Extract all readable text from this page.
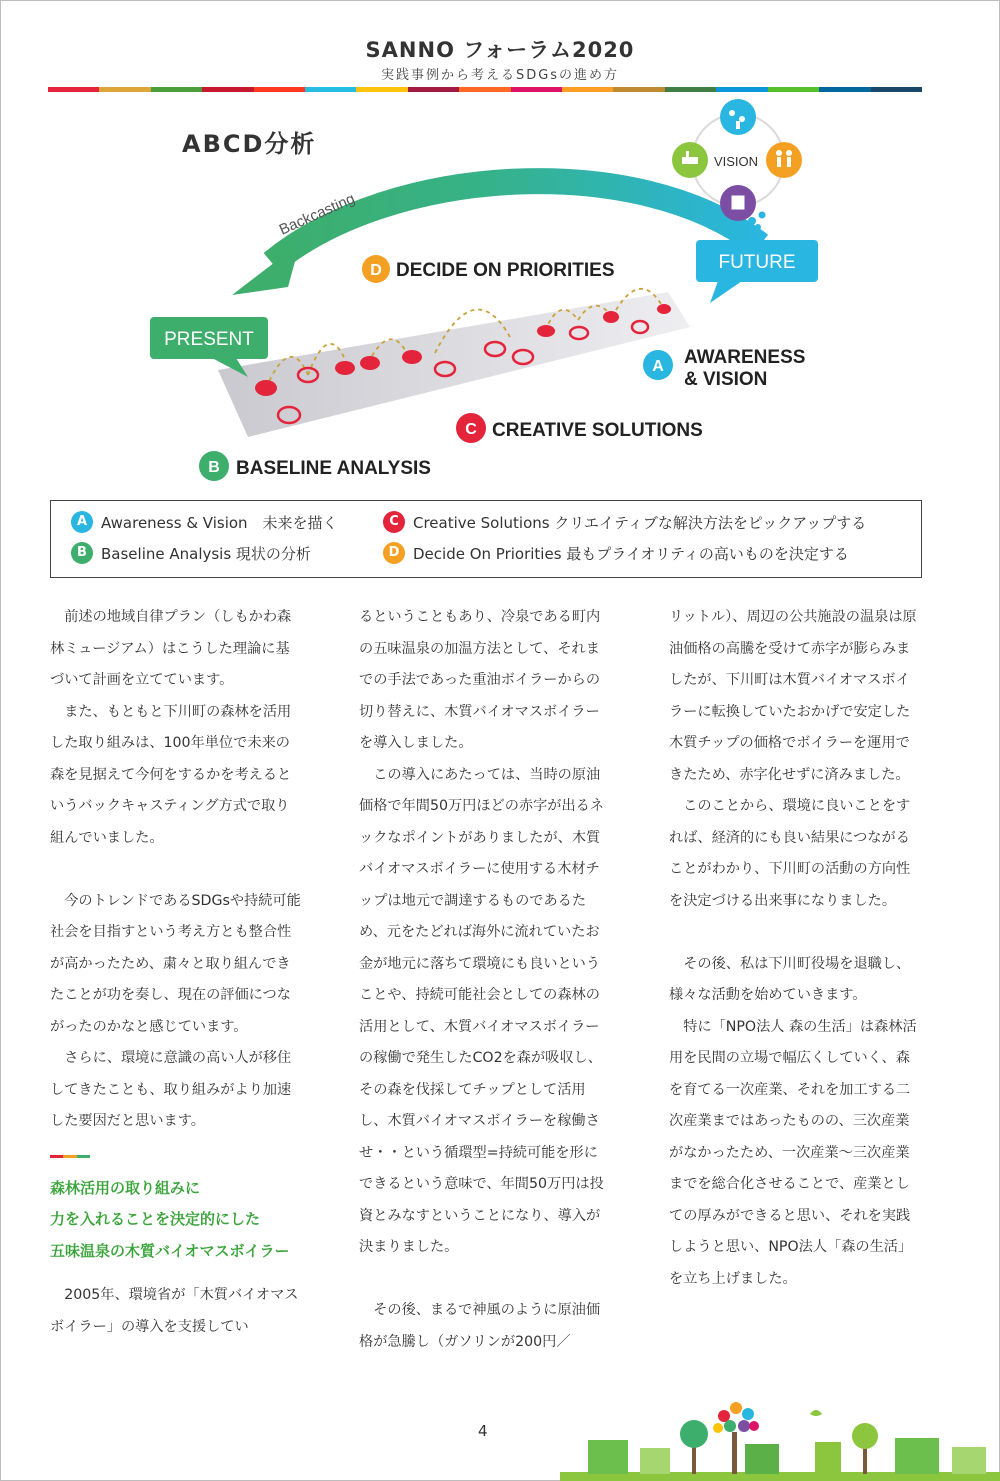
SANNO フォーラム2020
実践事例から考えるSDGsの進め方
ABCD分析
Backcasting
FUTURE
PRESENT
VISION
D DECIDE ON PRIORITIES
A AWARENESS
& VISION
C CREATIVE SOLUTIONS
B BASELINE ANALYSIS
A Awareness & Vision　未来を描く
B Baseline Analysis 現状の分析
C Creative Solutions クリエイティブな解決方法をピックアップする
D Decide On Priorities 最もプライオリティの高いものを決定する

前述の地域自律プラン（しもかわ森林ミュージアム）はこうした理論に基づいて計画を立てています。

また、もともと下川町の森林を活用した取り組みは、100年単位で未来の森を見据えて今何をするかを考えるというバックキャスティング方式で取り組んでいました。

今のトレンドであるSDGsや持続可能社会を目指すという考え方とも整合性が高かったため、粛々と取り組んできたことが功を奏し、現在の評価につながったのかなと感じています。

さらに、環境に意識の高い人が移住してきたことも、取り組みがより加速した要因だと思います。

森林活用の取り組みに
力を入れることを決定的にした
五味温泉の木質バイオマスボイラー

2005年、環境省が「木質バイオマスボイラー」の導入を支援してい

るということもあり、冷泉である町内の五味温泉の加温方法として、それまでの手法であった重油ボイラーからの切り替えに、木質バイオマスボイラーを導入しました。

この導入にあたっては、当時の原油価格で年間50万円ほどの赤字が出るネックなポイントがありましたが、木質バイオマスボイラーに使用する木材チップは地元で調達するものであるため、元をたどれば海外に流れていたお金が地元に落ちて環境にも良いということや、持続可能社会としての森林の活用として、木質バイオマスボイラーの稼働で発生したCO2を森が吸収し、その森を伐採してチップとして活用し、木質バイオマスボイラーを稼働させ・・という循環型=持続可能を形にできるという意味で、年間50万円は投資とみなすということになり、導入が決まりました。

その後、まるで神風のように原油価格が急騰し（ガソリンが200円／

リットル）、周辺の公共施設の温泉は原油価格の高騰を受けて赤字が膨らみましたが、下川町は木質バイオマスボイラーに転換していたおかげで安定した木質チップの価格でボイラーを運用できたため、赤字化せずに済みました。

このことから、環境に良いことをすれば、経済的にも良い結果につながることがわかり、下川町の活動の方向性を決定づける出来事になりました。

その後、私は下川町役場を退職し、様々な活動を始めていきます。

特に「NPO法人 森の生活」は森林活用を民間の立場で幅広くしていく、森を育てる一次産業、それを加工する二次産業まではあったものの、三次産業がなかったため、一次産業～三次産業までを総合化させることで、産業としての厚みができると思い、それを実践しようと思い、NPO法人「森の生活」を立ち上げました。

4
